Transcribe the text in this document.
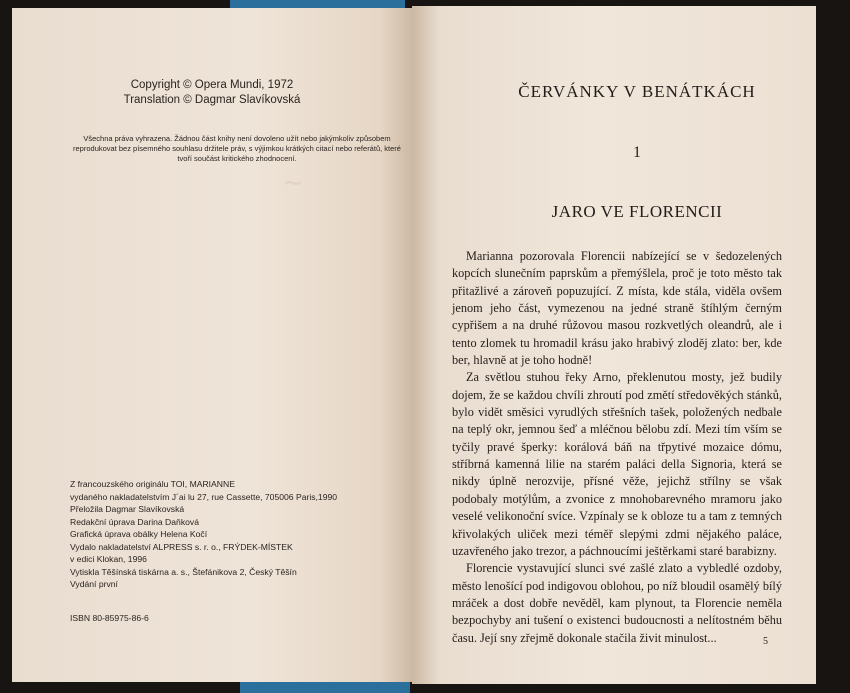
~
Copyright © Opera Mundi, 1972
Translation © Dagmar Slavíkovská
Všechna práva vyhrazena. Žádnou část knihy není dovoleno užít nebo jakýmkoliv způsobem reprodukovat bez písemného souhlasu držitele práv, s výjimkou krátkých citací nebo referátů, které tvoří součást kritického zhodnocení.
Z francouzského originálu TOI, MARIANNE
vydaného nakladatelstvím J´ai lu 27, rue Cassette, 705006 Paris,1990
Přeložila Dagmar Slavíkovská
Redakční úprava Darina Daňková
Grafická úprava obálky Helena Kočí
Vydalo nakladatelství ALPRESS s. r. o., FRÝDEK-MÍSTEK
v edici Klokan, 1996
Vytiskla Těšínská tiskárna a. s., Štefánikova 2, Český Těšín
Vydání první
ISBN 80-85975-86-6
ČERVÁNKY V BENÁTKÁCH
1
JARO VE FLORENCII

Marianna pozorovala Florencii nabízející se v šedozelených kopcích slunečním paprskům a přemýšlela, proč je toto město tak přitažlivé a zároveň popuzující. Z místa, kde stála, viděla ovšem jenom jeho část, vymezenou na jedné straně štíhlým černým cypřišem a na druhé růžovou masou rozkvetlých oleandrů, ale i tento zlomek tu hromadil krásu jako hrabivý zloděj zlato: ber, kde ber, hlavně at je toho hodně!

Za světlou stuhou řeky Arno, překlenutou mosty, jež budily dojem, že se každou chvíli zhroutí pod změtí středověkých stánků, bylo vidět směsici vyrudlých střešních tašek, položených nedbale na teplý okr, jemnou šeď a mléčnou bělobu zdí. Mezi tím vším se tyčily pravé šperky: korálová báň na třpytivé mozaice dómu, stříbrná kamenná lilie na starém paláci della Signoria, která se nikdy úplně nerozvije, přísné věže, jejichž střílny se však podobaly motýlům, a zvonice z mnohobarevného mramoru jako veselé velikonoční svíce. Vzpínaly se k obloze tu a tam z temných křivolakých uliček mezi téměř slepými zdmi nějakého paláce, uzavřeného jako trezor, a páchnoucími ještěrkami staré barabizny.

Florencie vystavující slunci své zašlé zlato a vybledlé ozdoby, město lenošící pod indigovou oblohou, po níž bloudil osamělý bílý mráček a dost dobře nevěděl, kam plynout, ta Florencie neměla bezpochyby ani tušení o existenci budoucnosti a nelítostném běhu času. Její sny zřejmě dokonale stačila živit minulost...	5
